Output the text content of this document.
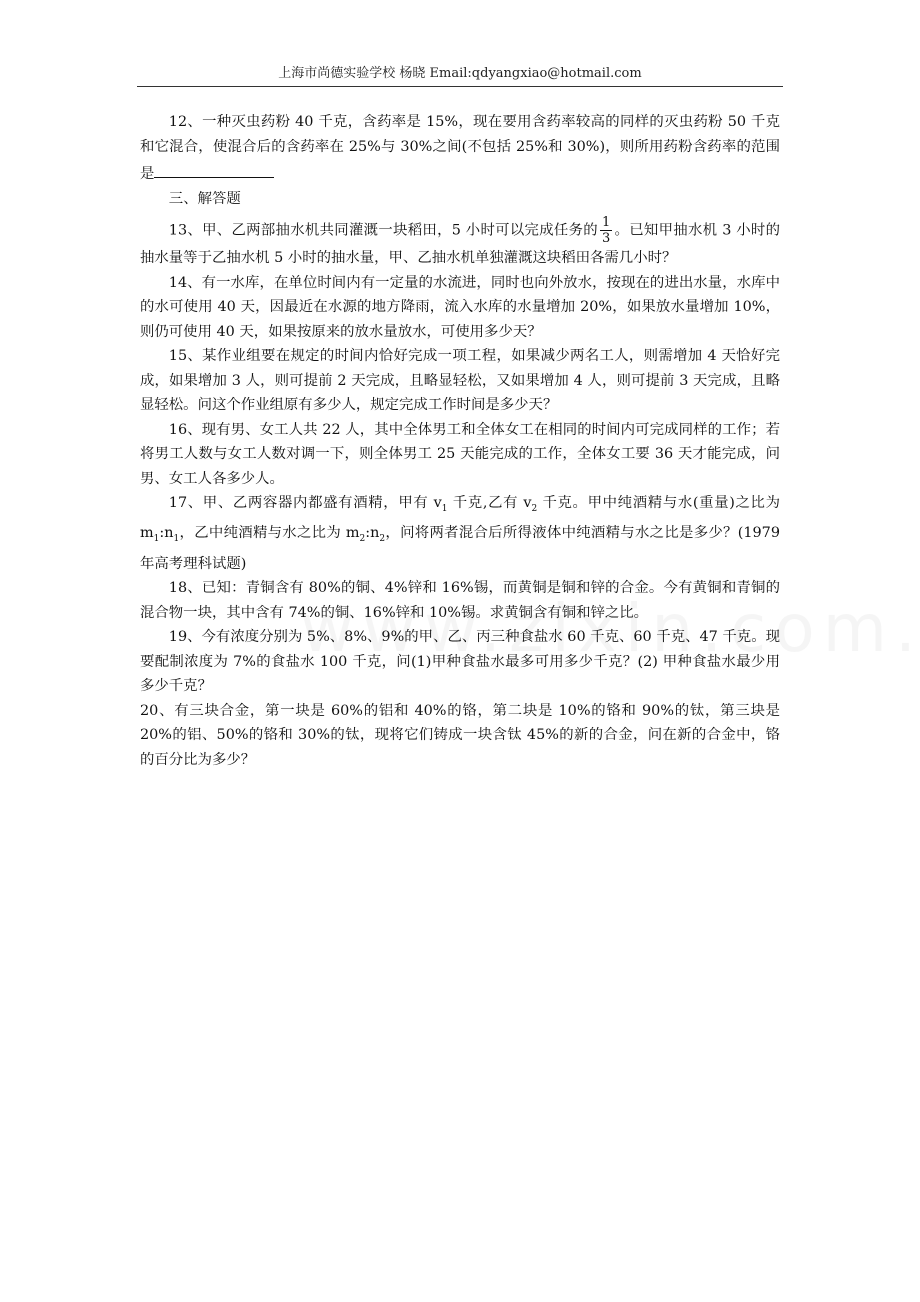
上海市尚德实验学校 杨晓 Email:qdyangxiao@hotmail.com

12、一种灭虫药粉 40 千克，含药率是 15%，现在要用含药率较高的同样的灭虫药粉 50 千克和它混合，使混合后的含药率在 25%与 30%之间(不包括 25%和 30%)，则所用药粉含药率的范围是

三、解答题

13、甲、乙两部抽水机共同灌溉一块稻田，5 小时可以完成任务的 $\frac{1}{3}$ 。已知甲抽水机 3 小时的抽水量等于乙抽水机 5 小时的抽水量，甲、乙抽水机单独灌溉这块稻田各需几小时？

14、有一水库，在单位时间内有一定量的水流进，同时也向外放水，按现在的进出水量，水库中的水可使用 40 天，因最近在水源的地方降雨，流入水库的水量增加 20%，如果放水量增加 10%，则仍可使用 40 天，如果按原来的放水量放水，可使用多少天？

15、某作业组要在规定的时间内恰好完成一项工程，如果减少两名工人，则需增加 4 天恰好完成，如果增加 3 人，则可提前 2 天完成，且略显轻松，又如果增加 4 人，则可提前 3 天完成，且略显轻松。问这个作业组原有多少人，规定完成工作时间是多少天？

16、现有男、女工人共 22 人，其中全体男工和全体女工在相同的时间内可完成同样的工作；若将男工人数与女工人数对调一下，则全体男工 25 天能完成的工作，全体女工要 36 天才能完成，问男、女工人各多少人。

17、甲、乙两容器内都盛有酒精，甲有 $v_1$ 千克,乙有 $v_2$ 千克。甲中纯酒精与水(重量)之比为 $m_1:n_1$，乙中纯酒精与水之比为 $m_2:n_2$，问将两者混合后所得液体中纯酒精与水之比是多少？(1979 年高考理科试题)

18、已知：青铜含有 80%的铜、4%锌和 16%锡，而黄铜是铜和锌的合金。今有黄铜和青铜的混合物一块，其中含有 74%的铜、16%锌和 10%锡。求黄铜含有铜和锌之比。

19、今有浓度分别为 5%、8%、9%的甲、乙、丙三种食盐水 60 千克、60 千克、47 千克。现要配制浓度为 7%的食盐水 100 千克，问(1)甲种食盐水最多可用多少千克？(2) 甲种食盐水最少用多少千克？

20、有三块合金，第一块是 60%的铝和 40%的铬，第二块是 10%的铬和 90%的钛，第三块是 20%的铝、50%的铬和 30%的钛，现将它们铸成一块含钛 45%的新的合金，问在新的合金中，铬的百分比为多少？
